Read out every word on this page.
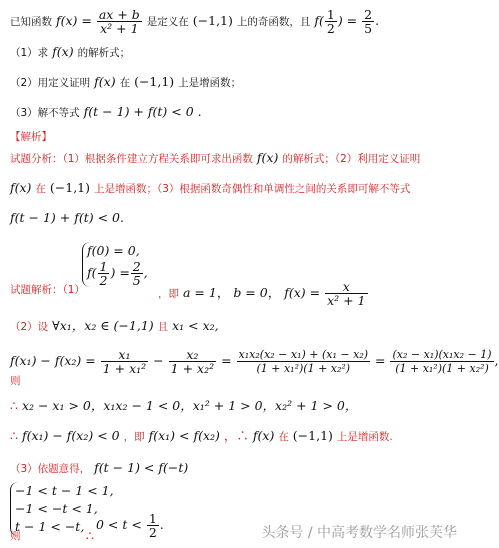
已知函数 $f(x) = \frac{ax + b}{\text{x² + 1}}$ 是定义在 (−1,1) 上的奇函数，且 $f( \frac{1}{2}$ ) = $\frac{2}{5}$ .
（1）求 f(x) 的解析式；
（2）用定义证明 f(x) 在 (−1,1) 上是增函数；
（3）解不等式 f(t − 1) + f(t) < 0 .
【解析】
试题分析：（1）根据条件建立方程关系即可求出函数 f(x) 的解析式；（2）利用定义证明
f(x) 在 (−1,1) 上是增函数；（3）根据函数奇偶性和单调性之间的关系即可解不等式
f(t − 1) + f(t) < 0.
试题解析：（1）
f(0) = 0,
$f( \frac{1}{2}$ ) = $\frac{2}{5}$ ,
，即 a = 1， b = 0， $f(x) = \frac{x}{\text{x² + 1}}$
（2）设 ∀x₁，x₂ ∈ (−1,1) 且 x₁ < x₂,
$f(x_1) - f(x_2) = \frac{\text{x₁}}{\text{1 + x₁²}} - \frac{\text{x₂}}{\text{1 + x₂²}} = \frac{\text{x₁x₂(x₂ − x₁) + (x₁ − x₂)}}{\text{(1 + x₁²)(1 + x₂²)}} = \frac{\text{(x₂ − x₁)(x₁x₂ − 1)}}{\text{(1 + x₁²)(1 + x₂²)}}$ ,
则
∴ x₂ − x₁ > 0，x₁x₂ − 1 < 0，x₁² + 1 > 0，x₂² + 1 > 0，
∴ f(x₁) − f(x₂) < 0 ，即 f(x₁) < f(x₂) ，∴ f(x) 在 (−1,1) 上是增函数.
（3）依题意得， f(t − 1) < f(−t)
−1 < t − 1 < 1,
−1 < −t < 1,
t − 1 < −t, $0 < t < \frac{1}{2}$ .
则	∴	头条号 / 中高考数学名师张芙华
